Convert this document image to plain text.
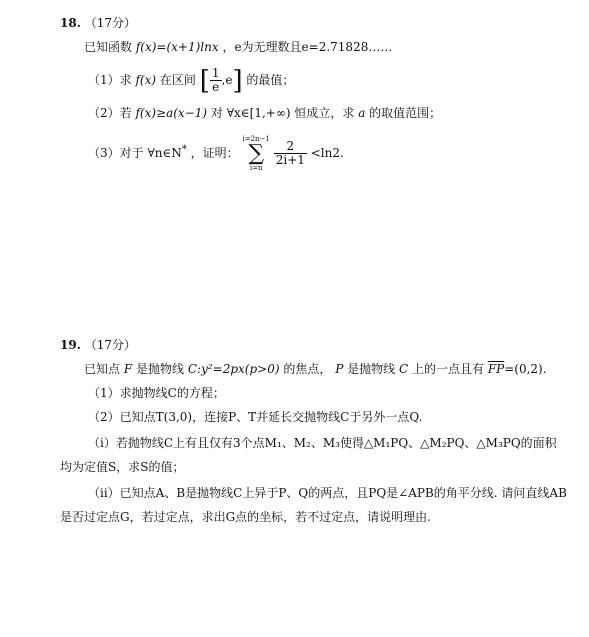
18. （17分）
已知函数 f(x)=(x+1)lnx ，e为无理数且e=2.71828……
（1）求 f(x) 在区间 [ $\frac{1}{e} ,e$] 的最值；
（2）若 f(x)≥a(x−1) 对 ∀x∈[1,+∞) 恒成立，求 a 的取值范围；
（3）对于 ∀n∈N* ，证明：
i=2n−1
∑
i=n

$\frac{2}{2i+1} <\ln 2$.
19. （17分）
已知点 F 是抛物线 C:y²=2px(p>0) 的焦点， P 是抛物线 C 上的一点且有 $\overline{FP}=(0,2)$.
（1）求抛物线C的方程；
（2）已知点T(3,0)，连接P、T并延长交抛物线C于另外一点Q.
（i）若抛物线C上有且仅有3个点M₁、M₂、M₃使得△M₁PQ、△M₂PQ、△M₃PQ的面积
均为定值S，求S的值；
（ii）已知点A、B是抛物线C上异于P、Q的两点，且PQ是∠APB的角平分线. 请问直线AB
是否过定点G，若过定点，求出G点的坐标，若不过定点，请说明理由.
